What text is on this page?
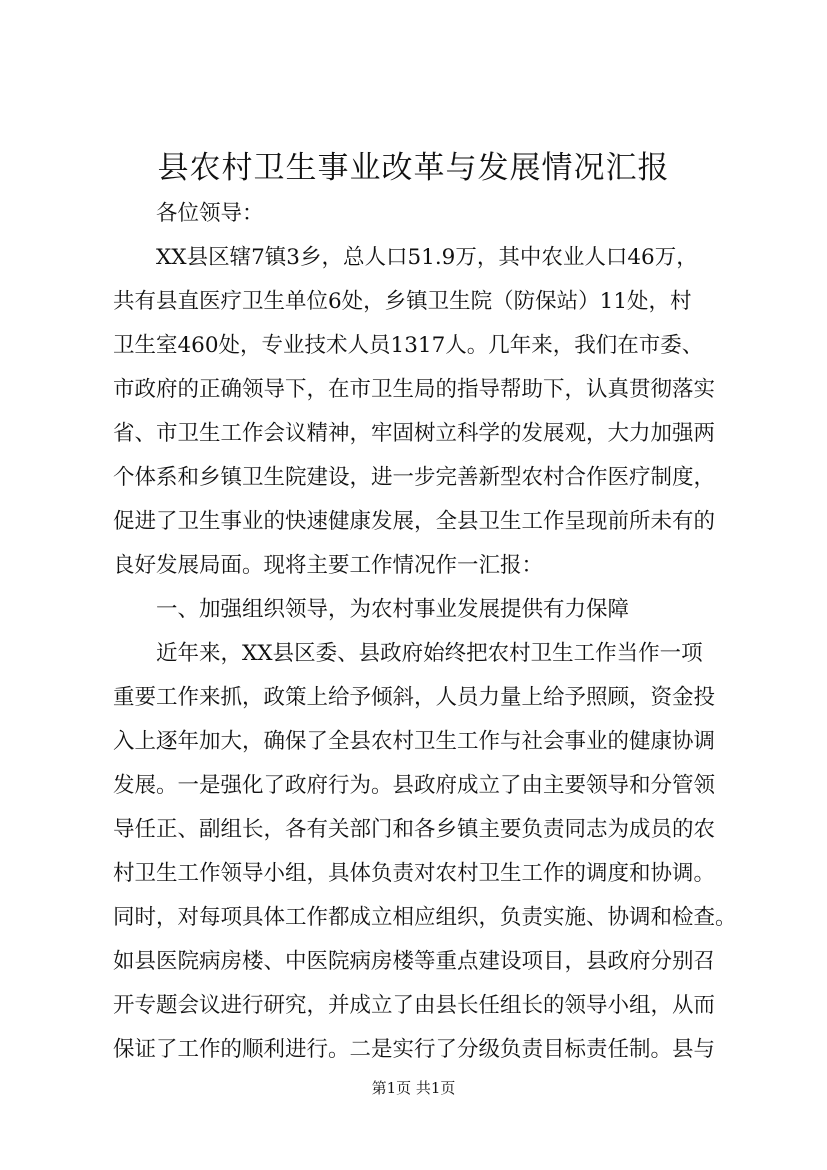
县农村卫生事业改革与发展情况汇报

各位领导：

XX县区辖7镇3乡，总人口51.9万，其中农业人口46万，

共有县直医疗卫生单位6处，乡镇卫生院（防保站）11处，村

卫生室460处，专业技术人员1317人。几年来，我们在市委、

市政府的正确领导下，在市卫生局的指导帮助下，认真贯彻落实

省、市卫生工作会议精神，牢固树立科学的发展观，大力加强两

个体系和乡镇卫生院建设，进一步完善新型农村合作医疗制度，

促进了卫生事业的快速健康发展，全县卫生工作呈现前所未有的

良好发展局面。现将主要工作情况作一汇报：

一、加强组织领导，为农村事业发展提供有力保障

近年来，XX县区委、县政府始终把农村卫生工作当作一项

重要工作来抓，政策上给予倾斜，人员力量上给予照顾，资金投

入上逐年加大，确保了全县农村卫生工作与社会事业的健康协调

发展。一是强化了政府行为。县政府成立了由主要领导和分管领

导任正、副组长，各有关部门和各乡镇主要负责同志为成员的农

村卫生工作领导小组，具体负责对农村卫生工作的调度和协调。

同时，对每项具体工作都成立相应组织，负责实施、协调和检查。

如县医院病房楼、中医院病房楼等重点建设项目，县政府分别召

开专题会议进行研究，并成立了由县长任组长的领导小组，从而

保证了工作的顺利进行。二是实行了分级负责目标责任制。县与

第1页 共1页
